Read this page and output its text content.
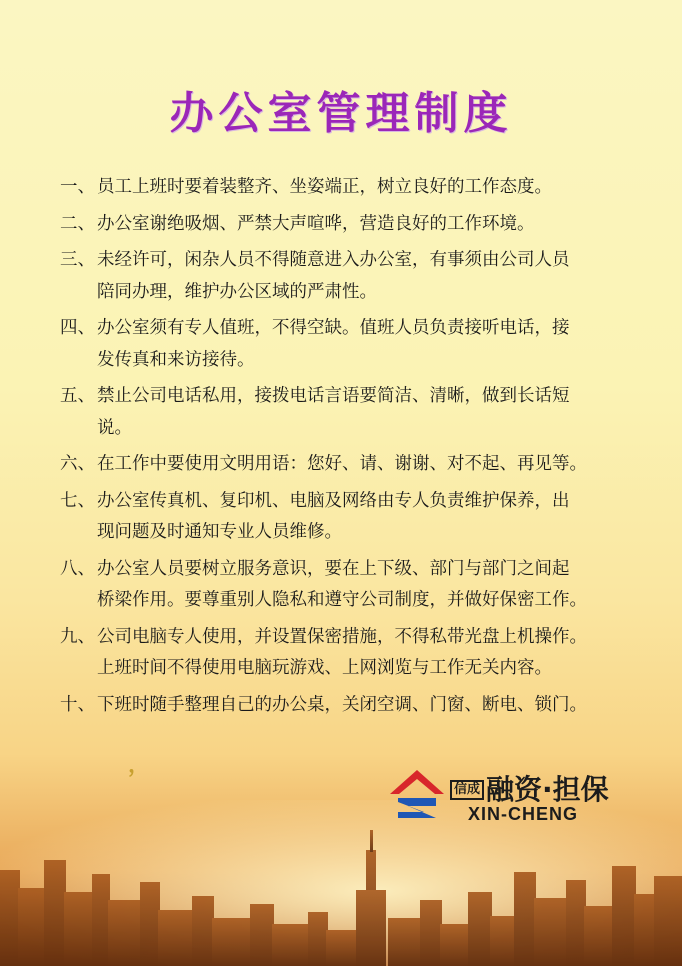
办公室管理制度
一、 员工上班时要着装整齐、坐姿端正，树立良好的工作态度。
二、 办公室谢绝吸烟、严禁大声喧哗，营造良好的工作环境。
三、 未经许可，闲杂人员不得随意进入办公室，有事须由公司人员
陪同办理，维护办公区域的严肃性。
四、 办公室须有专人值班，不得空缺。值班人员负责接听电话，接
发传真和来访接待。
五、 禁止公司电话私用，接拨电话言语要简洁、清晰，做到长话短
说。
六、 在工作中要使用文明用语：您好、请、谢谢、对不起、再见等。
七、 办公室传真机、复印机、电脑及网络由专人负责维护保养，出
现问题及时通知专业人员维修。
八、 办公室人员要树立服务意识，要在上下级、部门与部门之间起
桥梁作用。要尊重别人隐私和遵守公司制度，并做好保密工作。
九、 公司电脑专人使用，并设置保密措施，不得私带光盘上机操作。
上班时间不得使用电脑玩游戏、上网浏览与工作无关内容。
十、 下班时随手整理自己的办公桌，关闭空调、门窗、断电、锁门。
，
信成 融资·担保
XIN-CHENG
